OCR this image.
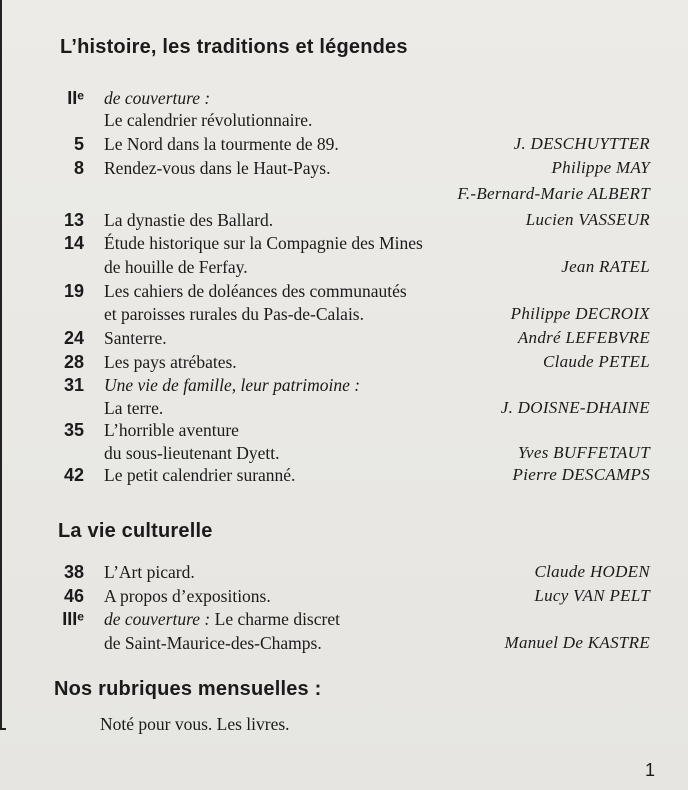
L’histoire, les traditions et légendes
IIᵉ de couverture :
Le calendrier révolutionnaire.
5 Le Nord dans la tourmente de 89.	J. DESCHUYTTER
8 Rendez-vous dans le Haut-Pays.	Philippe MAY
F.-Bernard-Marie ALBERT
13 La dynastie des Ballard.	Lucien VASSEUR
14 Étude historique sur la Compagnie des Mines
de houille de Ferfay.	Jean RATEL
19 Les cahiers de doléances des communautés
et paroisses rurales du Pas-de-Calais.	Philippe DECROIX
24 Santerre.	André LEFEBVRE
28 Les pays atrébates.	Claude PETEL
31 Une vie de famille, leur patrimoine :
La terre.	J. DOISNE-DHAINE
35 L’horrible aventure
du sous-lieutenant Dyett.	Yves BUFFETAUT
42 Le petit calendrier suranné.	Pierre DESCAMPS
La vie culturelle
38 L’Art picard.	Claude HODEN
46 A propos d’expositions.	Lucy VAN PELT
IIIᵉ de couverture : Le charme discret
de Saint-Maurice-des-Champs.	Manuel De KASTRE
Nos rubriques mensuelles :
Noté pour vous. Les livres.
1
